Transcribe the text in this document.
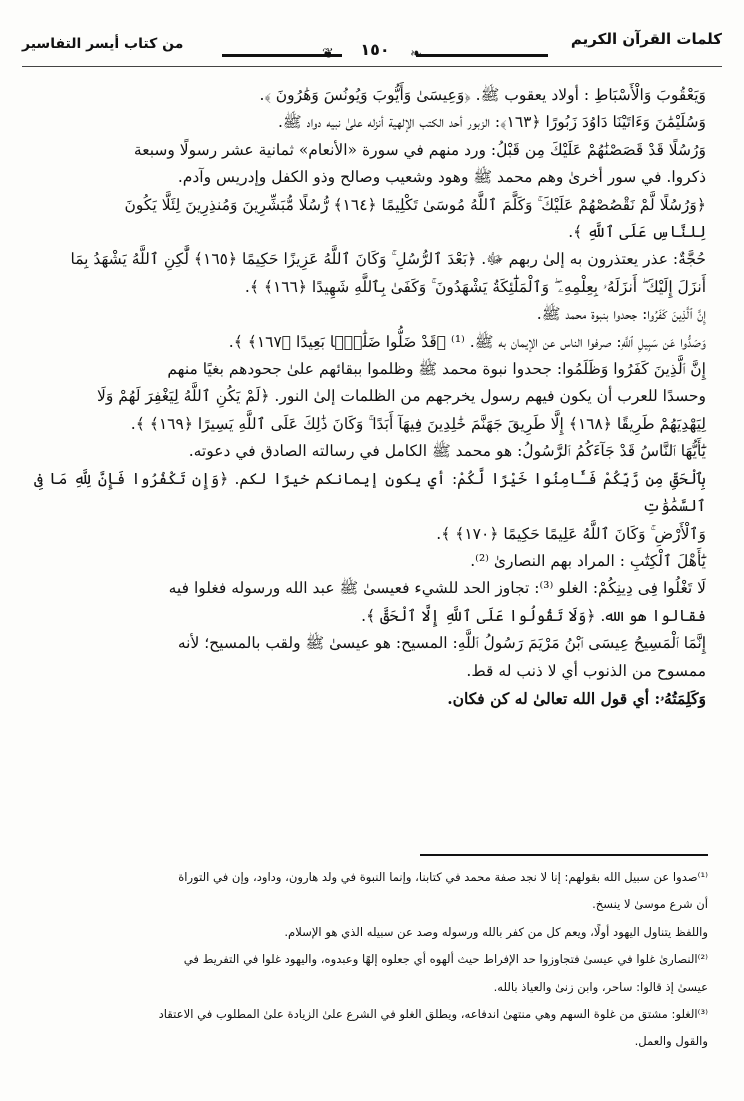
كلمات القرآن الكريم
من كتاب أيسر التفاسير
❦	١٥٠	❧
وَيَعْقُوبَ وَالْأَسْبَاطِ : أولاد يعقوب ﷺ. ﴿وَعِيسَىٰ وَأَيُّوبَ وَيُونُسَ وَهَٰرُونَ ﴾.
وَسُلَيْمَٰنَ وَءَاتَيْنَا دَاوُدَ زَبُورًا ﴿١٦٣﴾: الزبور أحد الكتب الإلهية أنزله علىٰ نبيه دواد ﷺ.
وَرُسُلًا قَدْ قَصَصْنَٰهُمْ عَلَيْكَ مِن قَبْلُ: ورد منهم في سورة «الأنعام» ثمانية عشر رسولًا وسبعة
ذكروا. في سور أخرىٰ وهم محمد ﷺ وهود وشعيب وصالح وذو الكفل وإدريس وآدم.
﴿وَرُسُلًا لَّمْ نَقْصُصْهُمْ عَلَيْكَ ۚ وَكَلَّمَ ٱللَّهُ مُوسَىٰ تَكْلِيمًا ﴿١٦٤﴾ رُّسُلًا مُّبَشِّرِينَ وَمُنذِرِينَ لِئَلَّا يَكُونَ
لِلنَّاسِ عَلَى ٱللَّهِ ﴾.
حُجَّةٌ: عذر يعتذرون به إلىٰ ربهم ﷻ. ﴿بَعْدَ ٱلرُّسُلِ ۚ وَكَانَ ٱللَّهُ عَزِيزًا حَكِيمًا ﴿١٦٥﴾ لَّٰكِنِ ٱللَّهُ يَشْهَدُ بِمَا
أَنزَلَ إِلَيْكَ ۖ أَنزَلَهُۥ بِعِلْمِهِۦ ۖ وَٱلْمَلَٰٓئِكَةُ يَشْهَدُونَ ۚ وَكَفَىٰ بِٱللَّهِ شَهِيدًا ﴿١٦٦﴾ ﴾.
إِنَّ ٱلَّذِينَ كَفَرُوا: جحدوا بنبوة محمد ﷺ.
وَصَدُّوا عَن سَبِيلِ ٱللَّهِ: صرفوا الناس عن الإيمان به ﷺ. ⁽¹⁾ ﴿قَدْ ضَلُّوا ضَلَٰلًۢا بَعِيدًا ﴿١٦٧﴾ ﴾.
إِنَّ ٱلَّذِينَ كَفَرُوا وَظَلَمُوا: جحدوا نبوة محمد ﷺ وظلموا ببقائهم علىٰ جحودهم بغيًا منهم
وحسدًا للعرب أن يكون فيهم رسول يخرجهم من الظلمات إلىٰ النور. ﴿لَمْ يَكُنِ ٱللَّهُ لِيَغْفِرَ لَهُمْ وَلَا
لِيَهْدِيَهُمْ طَرِيقًا ﴿١٦٨﴾ إِلَّا طَرِيقَ جَهَنَّمَ خَٰلِدِينَ فِيهَآ أَبَدًا ۚ وَكَانَ ذَٰلِكَ عَلَى ٱللَّهِ يَسِيرًا ﴿١٦٩﴾ ﴾.
يَٰٓأَيُّهَا ٱلنَّاسُ قَدْ جَآءَكُمُ ٱلرَّسُولُ: هو محمد ﷺ الكامل في رسالته الصادق في دعوته.
بِٱلْحَقِّ مِن رَّبِّكُمْ فَـَٔامِنُوا خَيْرًا لَّكُمْ: أي يكون إيمانكم خيرًا لكم. ﴿وَإِن تَكْفُرُوا فَإِنَّ لِلَّهِ مَا فِى ٱلسَّمَٰوَٰتِ
وَٱلْأَرْضِ ۚ وَكَانَ ٱللَّهُ عَلِيمًا حَكِيمًا ﴿١٧٠﴾ ﴾.
يَٰٓأَهْلَ ٱلْكِتَٰبِ : المراد بهم النصارىٰ ⁽²⁾.
لَا تَغْلُوا فِى دِينِكُمْ: الغلو ⁽³⁾: تجاوز الحد للشيء فعيسىٰ ﷺ عبد الله ورسوله فغلوا فيه
فقالوا هو الله. ﴿وَلَا تَقُولُوا عَلَى ٱللَّهِ إِلَّا ٱلْحَقَّ ﴾.
إِنَّمَا ٱلْمَسِيحُ عِيسَى ٱبْنُ مَرْيَمَ رَسُولُ ٱللَّهِ: المسيح: هو عيسىٰ ﷺ ولقب بالمسيح؛ لأنه
ممسوح من الذنوب أي لا ذنب له قط.
وَكَلِمَتُهُۥ: أي قول الله تعالىٰ له كن فكان.
⁽¹⁾صدوا عن سبيل الله بقولهم: إنا لا نجد صفة محمد في كتابنا، وإنما النبوة في ولد هارون، وداود، وإن في التوراة
أن شرع موسىٰ لا ينسخ.
واللفظ يتناول اليهود أولًا، ويعم كل من كفر بالله ورسوله وصد عن سبيله الذي هو الإسلام.
⁽²⁾النصارىٰ غلوا في عيسىٰ فتجاوزوا حد الإفراط حيث ألهوه أي جعلوه إلهًا وعبدوه، واليهود غلوا في التفريط في
عيسىٰ إذ قالوا: ساحر، وابن زنىٰ والعياذ بالله.
⁽³⁾الغلو: مشتق من غلوة السهم وهي منتهىٰ اندفاعه، ويطلق الغلو في الشرع علىٰ الزيادة علىٰ المطلوب في الاعتقاد
والقول والعمل.
